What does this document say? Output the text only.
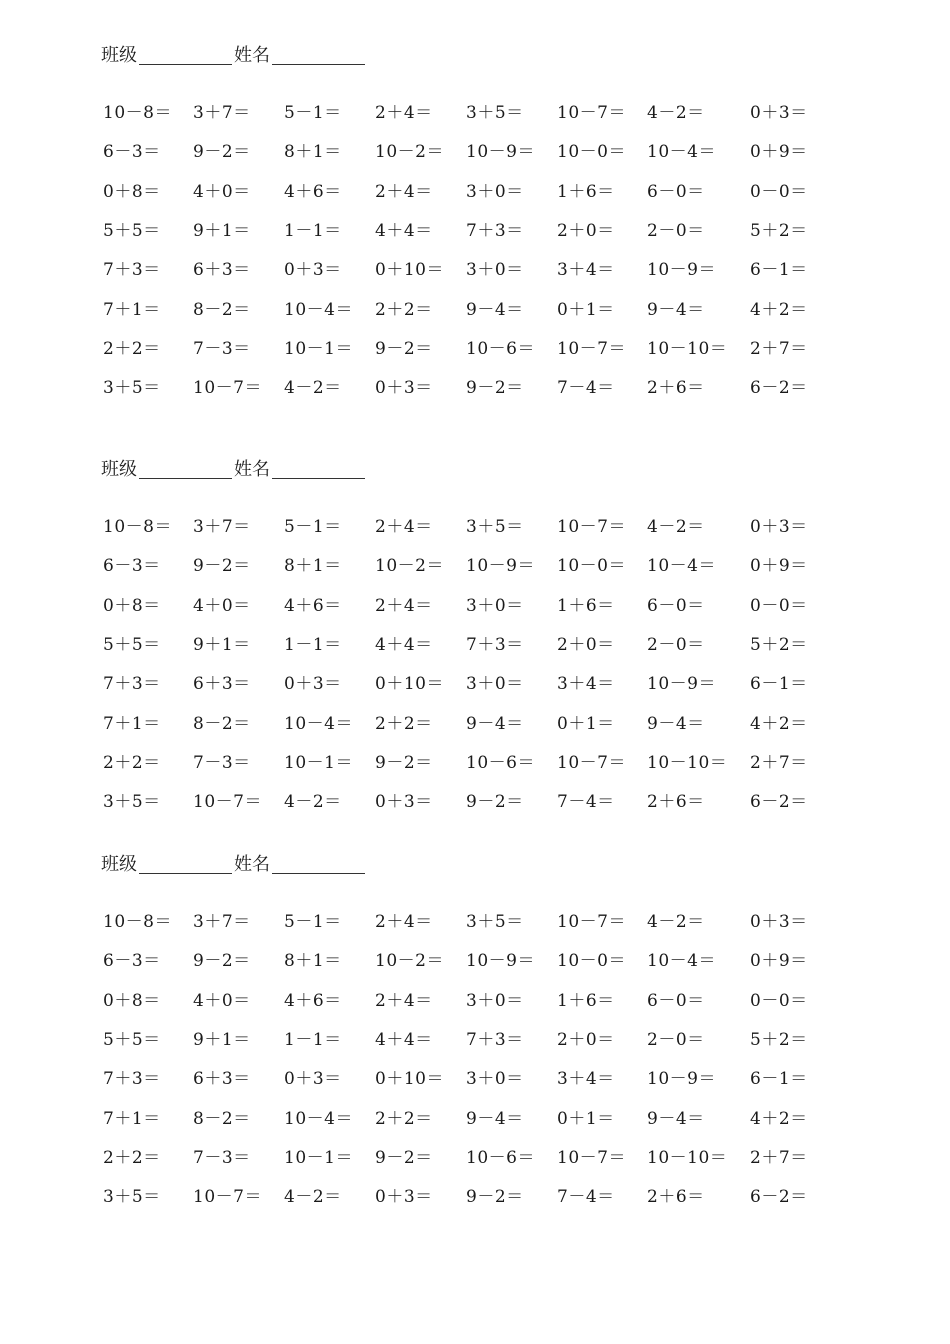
班级	姓名
10－8＝ 3＋7＝ 5－1＝ 2＋4＝ 3＋5＝ 10－7＝ 4－2＝	0＋3＝
6－3＝ 9－2＝ 8＋1＝ 10－2＝ 10－9＝ 10－0＝ 10－4＝ 0＋9＝
0＋8＝ 4＋0＝ 4＋6＝ 2＋4＝ 3＋0＝ 1＋6＝ 6－0＝	0－0＝
5＋5＝ 9＋1＝ 1－1＝ 4＋4＝ 7＋3＝ 2＋0＝ 2－0＝	5＋2＝
7＋3＝ 6＋3＝ 0＋3＝ 0＋10＝ 3＋0＝ 3＋4＝ 10－9＝ 6－1＝
7＋1＝ 8－2＝ 10－4＝ 2＋2＝ 9－4＝ 0＋1＝ 9－4＝	4＋2＝
2＋2＝ 7－3＝ 10－1＝ 9－2＝ 10－6＝ 10－7＝ 10－10＝ 2＋7＝
3＋5＝ 10－7＝ 4－2＝ 0＋3＝ 9－2＝ 7－4＝ 2＋6＝	6－2＝
班级	姓名
10－8＝ 3＋7＝ 5－1＝ 2＋4＝ 3＋5＝ 10－7＝ 4－2＝	0＋3＝
6－3＝ 9－2＝ 8＋1＝ 10－2＝ 10－9＝ 10－0＝ 10－4＝ 0＋9＝
0＋8＝ 4＋0＝ 4＋6＝ 2＋4＝ 3＋0＝ 1＋6＝ 6－0＝	0－0＝
5＋5＝ 9＋1＝ 1－1＝ 4＋4＝ 7＋3＝ 2＋0＝ 2－0＝	5＋2＝
7＋3＝ 6＋3＝ 0＋3＝ 0＋10＝ 3＋0＝ 3＋4＝ 10－9＝ 6－1＝
7＋1＝ 8－2＝ 10－4＝ 2＋2＝ 9－4＝ 0＋1＝ 9－4＝	4＋2＝
2＋2＝ 7－3＝ 10－1＝ 9－2＝ 10－6＝ 10－7＝ 10－10＝ 2＋7＝
3＋5＝ 10－7＝ 4－2＝ 0＋3＝ 9－2＝ 7－4＝ 2＋6＝	6－2＝
班级	姓名
10－8＝ 3＋7＝ 5－1＝ 2＋4＝ 3＋5＝ 10－7＝ 4－2＝	0＋3＝
6－3＝ 9－2＝ 8＋1＝ 10－2＝ 10－9＝ 10－0＝ 10－4＝ 0＋9＝
0＋8＝ 4＋0＝ 4＋6＝ 2＋4＝ 3＋0＝ 1＋6＝ 6－0＝	0－0＝
5＋5＝ 9＋1＝ 1－1＝ 4＋4＝ 7＋3＝ 2＋0＝ 2－0＝	5＋2＝
7＋3＝ 6＋3＝ 0＋3＝ 0＋10＝ 3＋0＝ 3＋4＝ 10－9＝ 6－1＝
7＋1＝ 8－2＝ 10－4＝ 2＋2＝ 9－4＝ 0＋1＝ 9－4＝	4＋2＝
2＋2＝ 7－3＝ 10－1＝ 9－2＝ 10－6＝ 10－7＝ 10－10＝ 2＋7＝
3＋5＝ 10－7＝ 4－2＝ 0＋3＝ 9－2＝ 7－4＝ 2＋6＝	6－2＝
